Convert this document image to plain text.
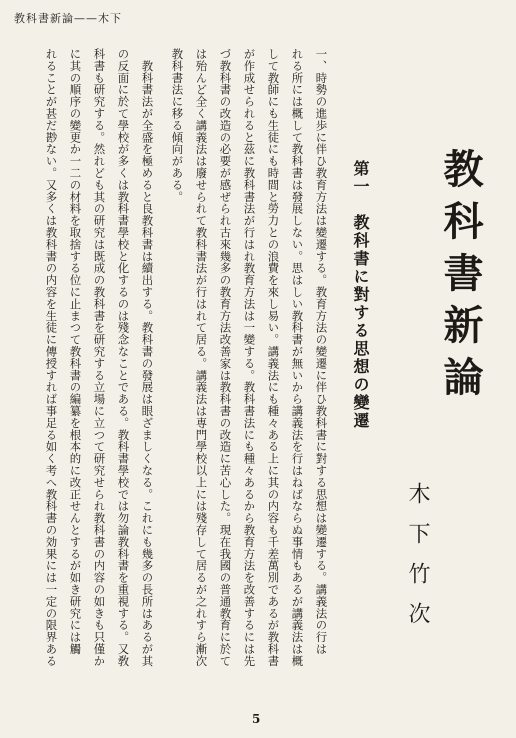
教科書新論——木下
教科書新論
木下竹次
第一　教科書に對する思想の變遷
一、時勢の進歩に伴ひ教育方法は變遷する。教育方法の變遷に伴ひ教科書に對する思想は變遷する。講義法の行は
れる所には概して教科書は發展しない。思はしい教科書が無いから講義法を行はねばならぬ事情もあるが講義法は概
して教師にも生徒にも時間と勞力との浪費を來し易い。講義法にも種々ある上に其の内容も千差萬別であるが教科書
が作成せられると茲に教科書法が行はれ教育方法は一變する。教科書法にも種々あるから教育方法を改善するには先
づ教科書の改造の必要が感ぜられ古來幾多の教育方法改善家は教科書の改造に苦心した。現在我國の普通教育に於て
は殆んど全く講義法は廢せられて教科書法が行はれて居る。講義法は専門學校以上には殘存して居るが之れすら漸次
教科書法に移る傾向がある。
　教科書法が全盛を極めると良教科書は續出する。教科書の發展は眼ざましくなる。これにも幾多の長所はあるが其
の反面に於て學校が多くは教科書學校と化するのは殘念なことである。教科書學校では勿論教科書を重視する。又敎
科書も研究する。然れども其の研究は既成の教科書を研究する立場に立つて研究せられ教科書の内容の如きも只僅か
に其の順序の變更か一二の材料を取捨する位に止まつて教科書の編纂を根本的に改正せんとするが如き研究には觸
れることが甚だ尠ない。又多くは教科書の内容を生徒に傳授すれば事足る如く考へ教科書の効果には一定の限界ある
5
